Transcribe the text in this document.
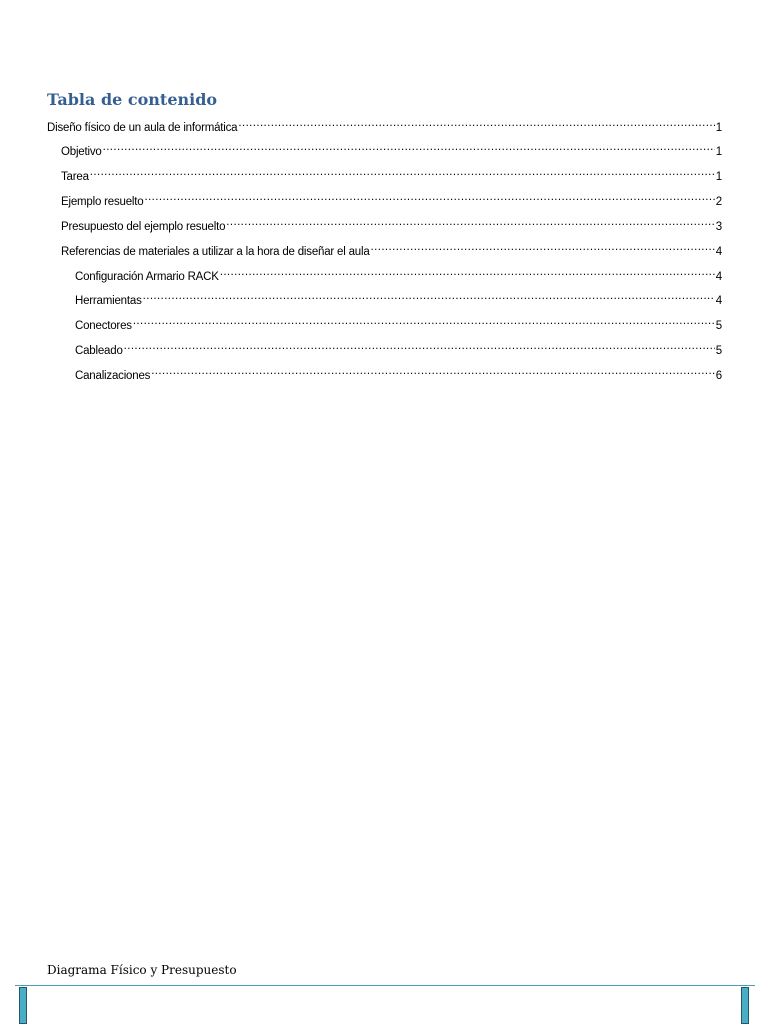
Tabla de contenido
Diseño físico de un aula de informática .....	1
Objetivo .....	1
Tarea .....	1
Ejemplo resuelto .....	2
Presupuesto del ejemplo resuelto .....	3
Referencias de materiales a utilizar a la hora de diseñar el aula .....	4
Configuración Armario RACK .....	4
Herramientas .....	4
Conectores .....	5
Cableado .....	5
Canalizaciones .....	6

Diagrama Físico y Presupuesto
